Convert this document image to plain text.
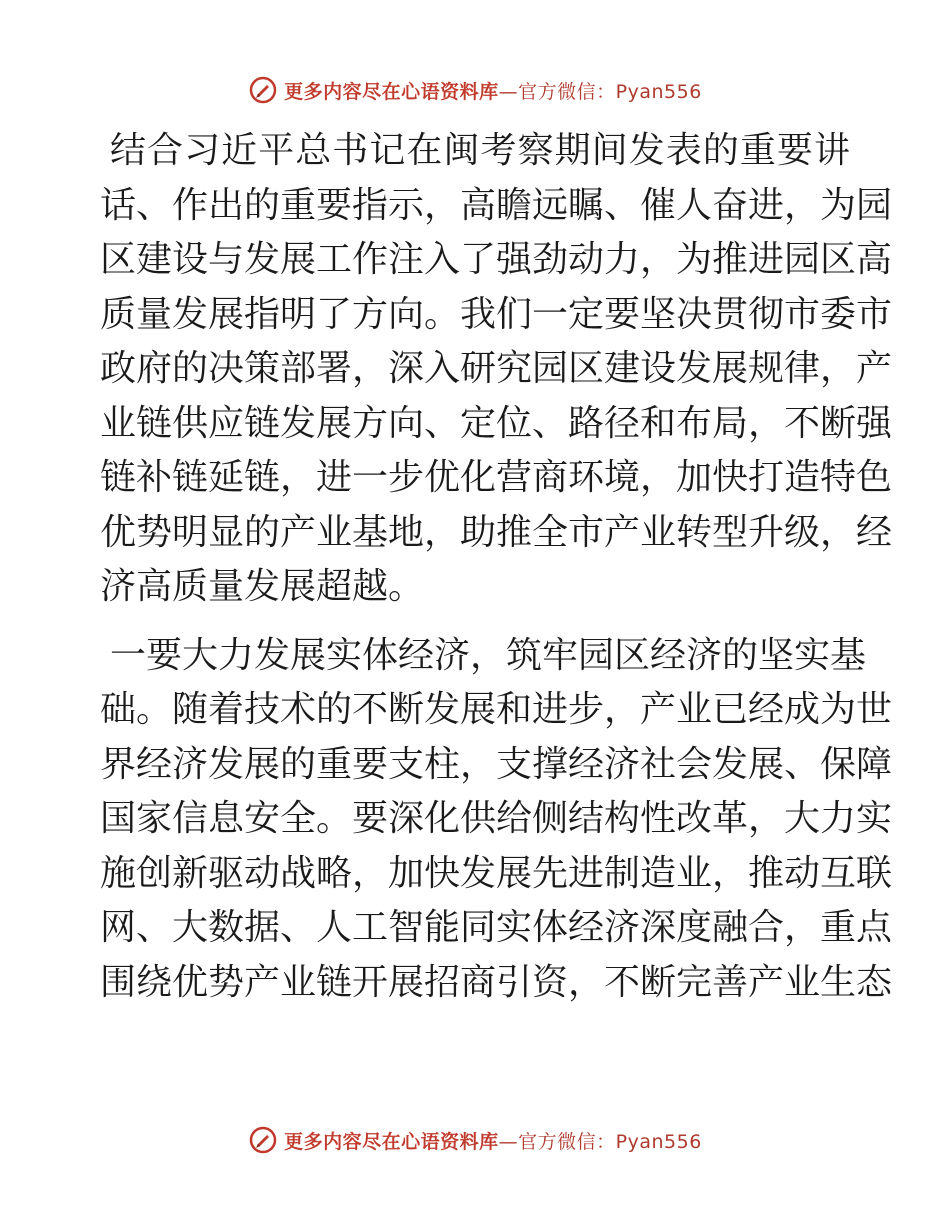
更多内容尽在心语资料库—官方微信：Pyan556

结合习近平总书记在闽考察期间发表的重要讲
话、作出的重要指示，高瞻远瞩、催人奋进，为园
区建设与发展工作注入了强劲动力，为推进园区高
质量发展指明了方向。我们一定要坚决贯彻市委市
政府的决策部署，深入研究园区建设发展规律，产
业链供应链发展方向、定位、路径和布局，不断强
链补链延链，进一步优化营商环境，加快打造特色
优势明显的产业基地，助推全市产业转型升级，经
济高质量发展超越。

一要大力发展实体经济，筑牢园区经济的坚实基
础。随着技术的不断发展和进步，产业已经成为世
界经济发展的重要支柱，支撑经济社会发展、保障
国家信息安全。要深化供给侧结构性改革，大力实
施创新驱动战略，加快发展先进制造业，推动互联
网、大数据、人工智能同实体经济深度融合，重点
围绕优势产业链开展招商引资，不断完善产业生态

更多内容尽在心语资料库—官方微信：Pyan556
